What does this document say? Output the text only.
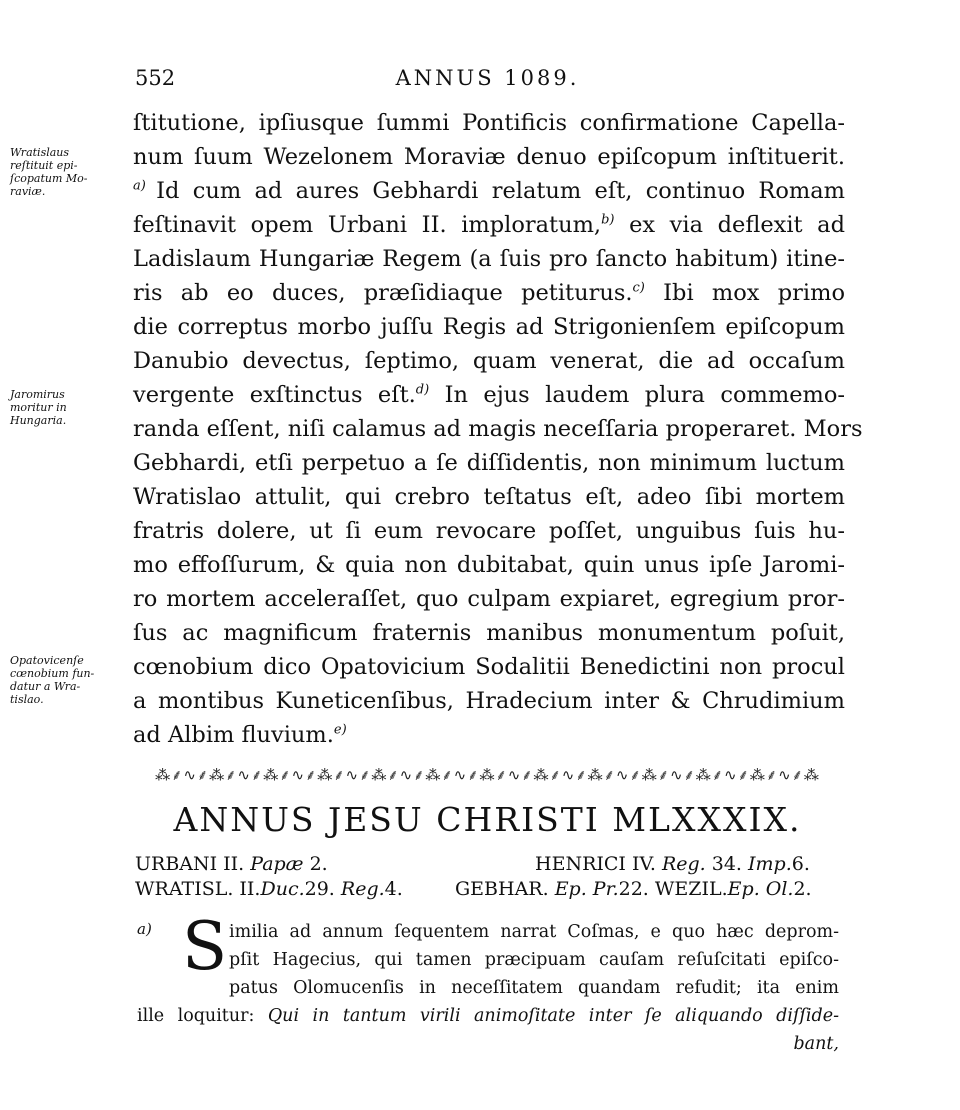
552	ANNUS 1089.
Wratislaus
reſtituit epi-
ſcopatum Mo-
raviæ.
Jaromirus
moritur in
Hungaria.
Opatovicenſe
cœnobium fun-
datur a Wra-
tislao.
ſtitutione, ipſiusque ſummi Pontificis confirmatione Capella-
num ſuum Wezelonem Moraviæ denuo epiſcopum inſtituerit.
$^{a)}$ Id cum ad aures Gebhardi relatum eſt, continuo Romam
feſtinavit opem Urbani II. imploratum,$^{b)}$ ex via deflexit ad
Ladislaum Hungariæ Regem (a ſuis pro ſancto habitum) itine-
ris ab eo duces, præſidiaque petiturus.$^{c)}$ Ibi mox primo
die correptus morbo juſſu Regis ad Strigonienſem epiſcopum
Danubio devectus, ſeptimo, quam venerat, die ad occaſum
vergente exſtinctus eſt.$^{d)}$ In ejus laudem plura commemo-
randa eſſent, niſi calamus ad magis neceſſaria properaret. Mors
Gebhardi, etſi perpetuo a ſe diſſidentis, non minimum luctum
Wratislao attulit, qui crebro teſtatus eſt, adeo ſibi mortem
fratris dolere, ut ſi eum revocare poſſet, unguibus ſuis hu-
mo effoſſurum, & quia non dubitabat, quin unus ipſe Jaromi-
ro mortem acceleraſſet, quo culpam expiaret, egregium pror-
ſus ac magnificum fraternis manibus monumentum poſuit,
cœnobium dico Opatovicium Sodalitii Benedictini non procul
a montibus Kuneticenſibus, Hradecium inter & Chrudimium
ad Albim fluvium.$^{e)}$
⁂⸙∿⸙⁂⸙∿⸙⁂⸙∿⸙⁂⸙∿⸙⁂⸙∿⸙⁂⸙∿⸙⁂⸙∿⸙⁂⸙∿⸙⁂⸙∿⸙⁂⸙∿⸙⁂⸙∿⸙⁂⸙∿⸙⁂
ANNUS JESU CHRISTI MLXXXIX.
URBANI II. Papæ 2.	HENRICI IV. Reg. 34. Imp.6.
WRATISL. II.Duc.29. Reg.4.	GEBHAR. Ep. Pr.22. WEZIL.Ep. Ol.2.
a) S imilia ad annum ſequentem narrat Coſmas, e quo hæc deprom-
pſit Hagecius, qui tamen præcipuam cauſam reſuſcitati epiſco-
patus Olomucenſis in neceſſitatem quandam refudit; ita enim
ille loquitur: Qui in tantum virili animoſitate inter ſe aliquando diſſide-
bant,
